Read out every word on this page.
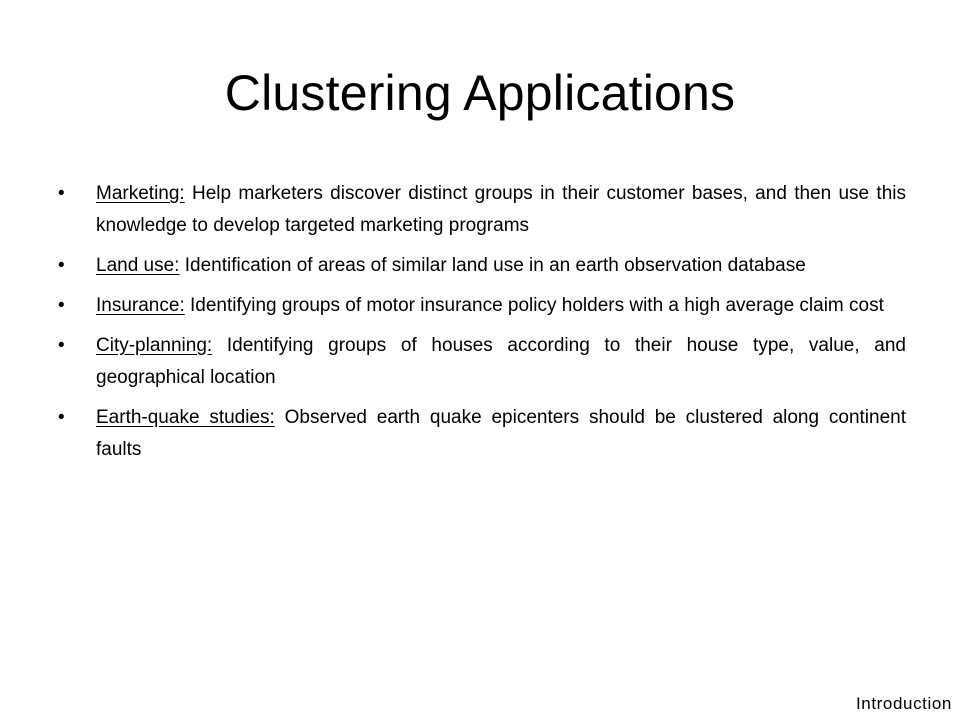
Clustering Applications
• Marketing: Help marketers discover distinct groups in their customer bases, and then use this knowledge to develop targeted marketing programs
• Land use: Identification of areas of similar land use in an earth observation database
• Insurance: Identifying groups of motor insurance policy holders with a high average claim cost
• City-planning: Identifying groups of houses according to their house type, value, and geographical location
• Earth-quake studies: Observed earth quake epicenters should be clustered along continent faults
Introduction
